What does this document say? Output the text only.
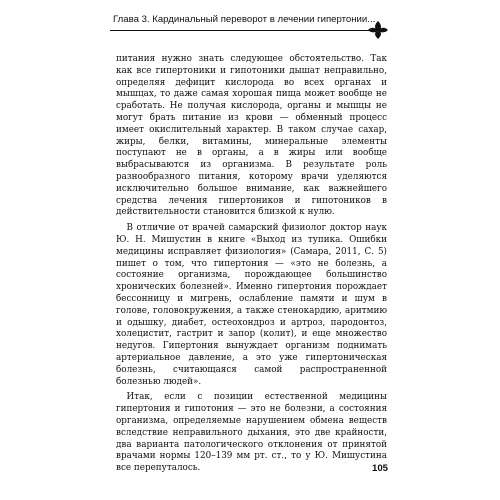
Глава 3. Кардинальный переворот в лечении гипертонии...

питания нужно знать следующее обстоятельство. Так как все гипертоники и гипотоники дышат неправильно, определяя дефицит кислорода во всех органах и мышцах, то даже самая хорошая пища может вообще не сработать. Не получая кислорода, органы и мышцы не могут брать питание из крови — обменный процесс имеет окислительный характер. В таком случае сахар, жиры, белки, витамины, минеральные элементы поступают не в органы, а в жиры или вообще выбрасываются из организма. В результате роль разнообразного питания, которому врачи уделяются исключительно большое внимание, как важнейшего средства лечения гипертоников и гипотоников в действительности становится близкой к нулю.

В отличие от врачей самарский физиолог доктор наук Ю. Н. Мишустин в книге «Выход из тупика. Ошибки медицины исправляет физиология» (Самара, 2011, С. 5) пишет о том, что гипертония — «это не болезнь, а состояние организма, порождающее большинство хронических болезней». Именно гипертония порождает бессонницу и мигрень, ослабление памяти и шум в голове, головокружения, а также стенокардию, аритмию и одышку, диабет, остеохондроз и артроз, пародонтоз, холецистит, гастрит и запор (колит), и еще множество недугов. Гипертония вынуждает организм поднимать артериальное давление, а это уже гипертоническая болезнь, считающаяся самой распространенной болезнью людей».

Итак, если с позиции естественной медицины гипертония и гипотония — это не болезни, а состояния организма, определяемые нарушением обмена веществ вследствие неправильного дыхания, это две крайности, два варианта патологического отклонения от принятой врачами нормы 120–139 мм рт. ст., то у Ю. Мишустина все перепуталось.	105
